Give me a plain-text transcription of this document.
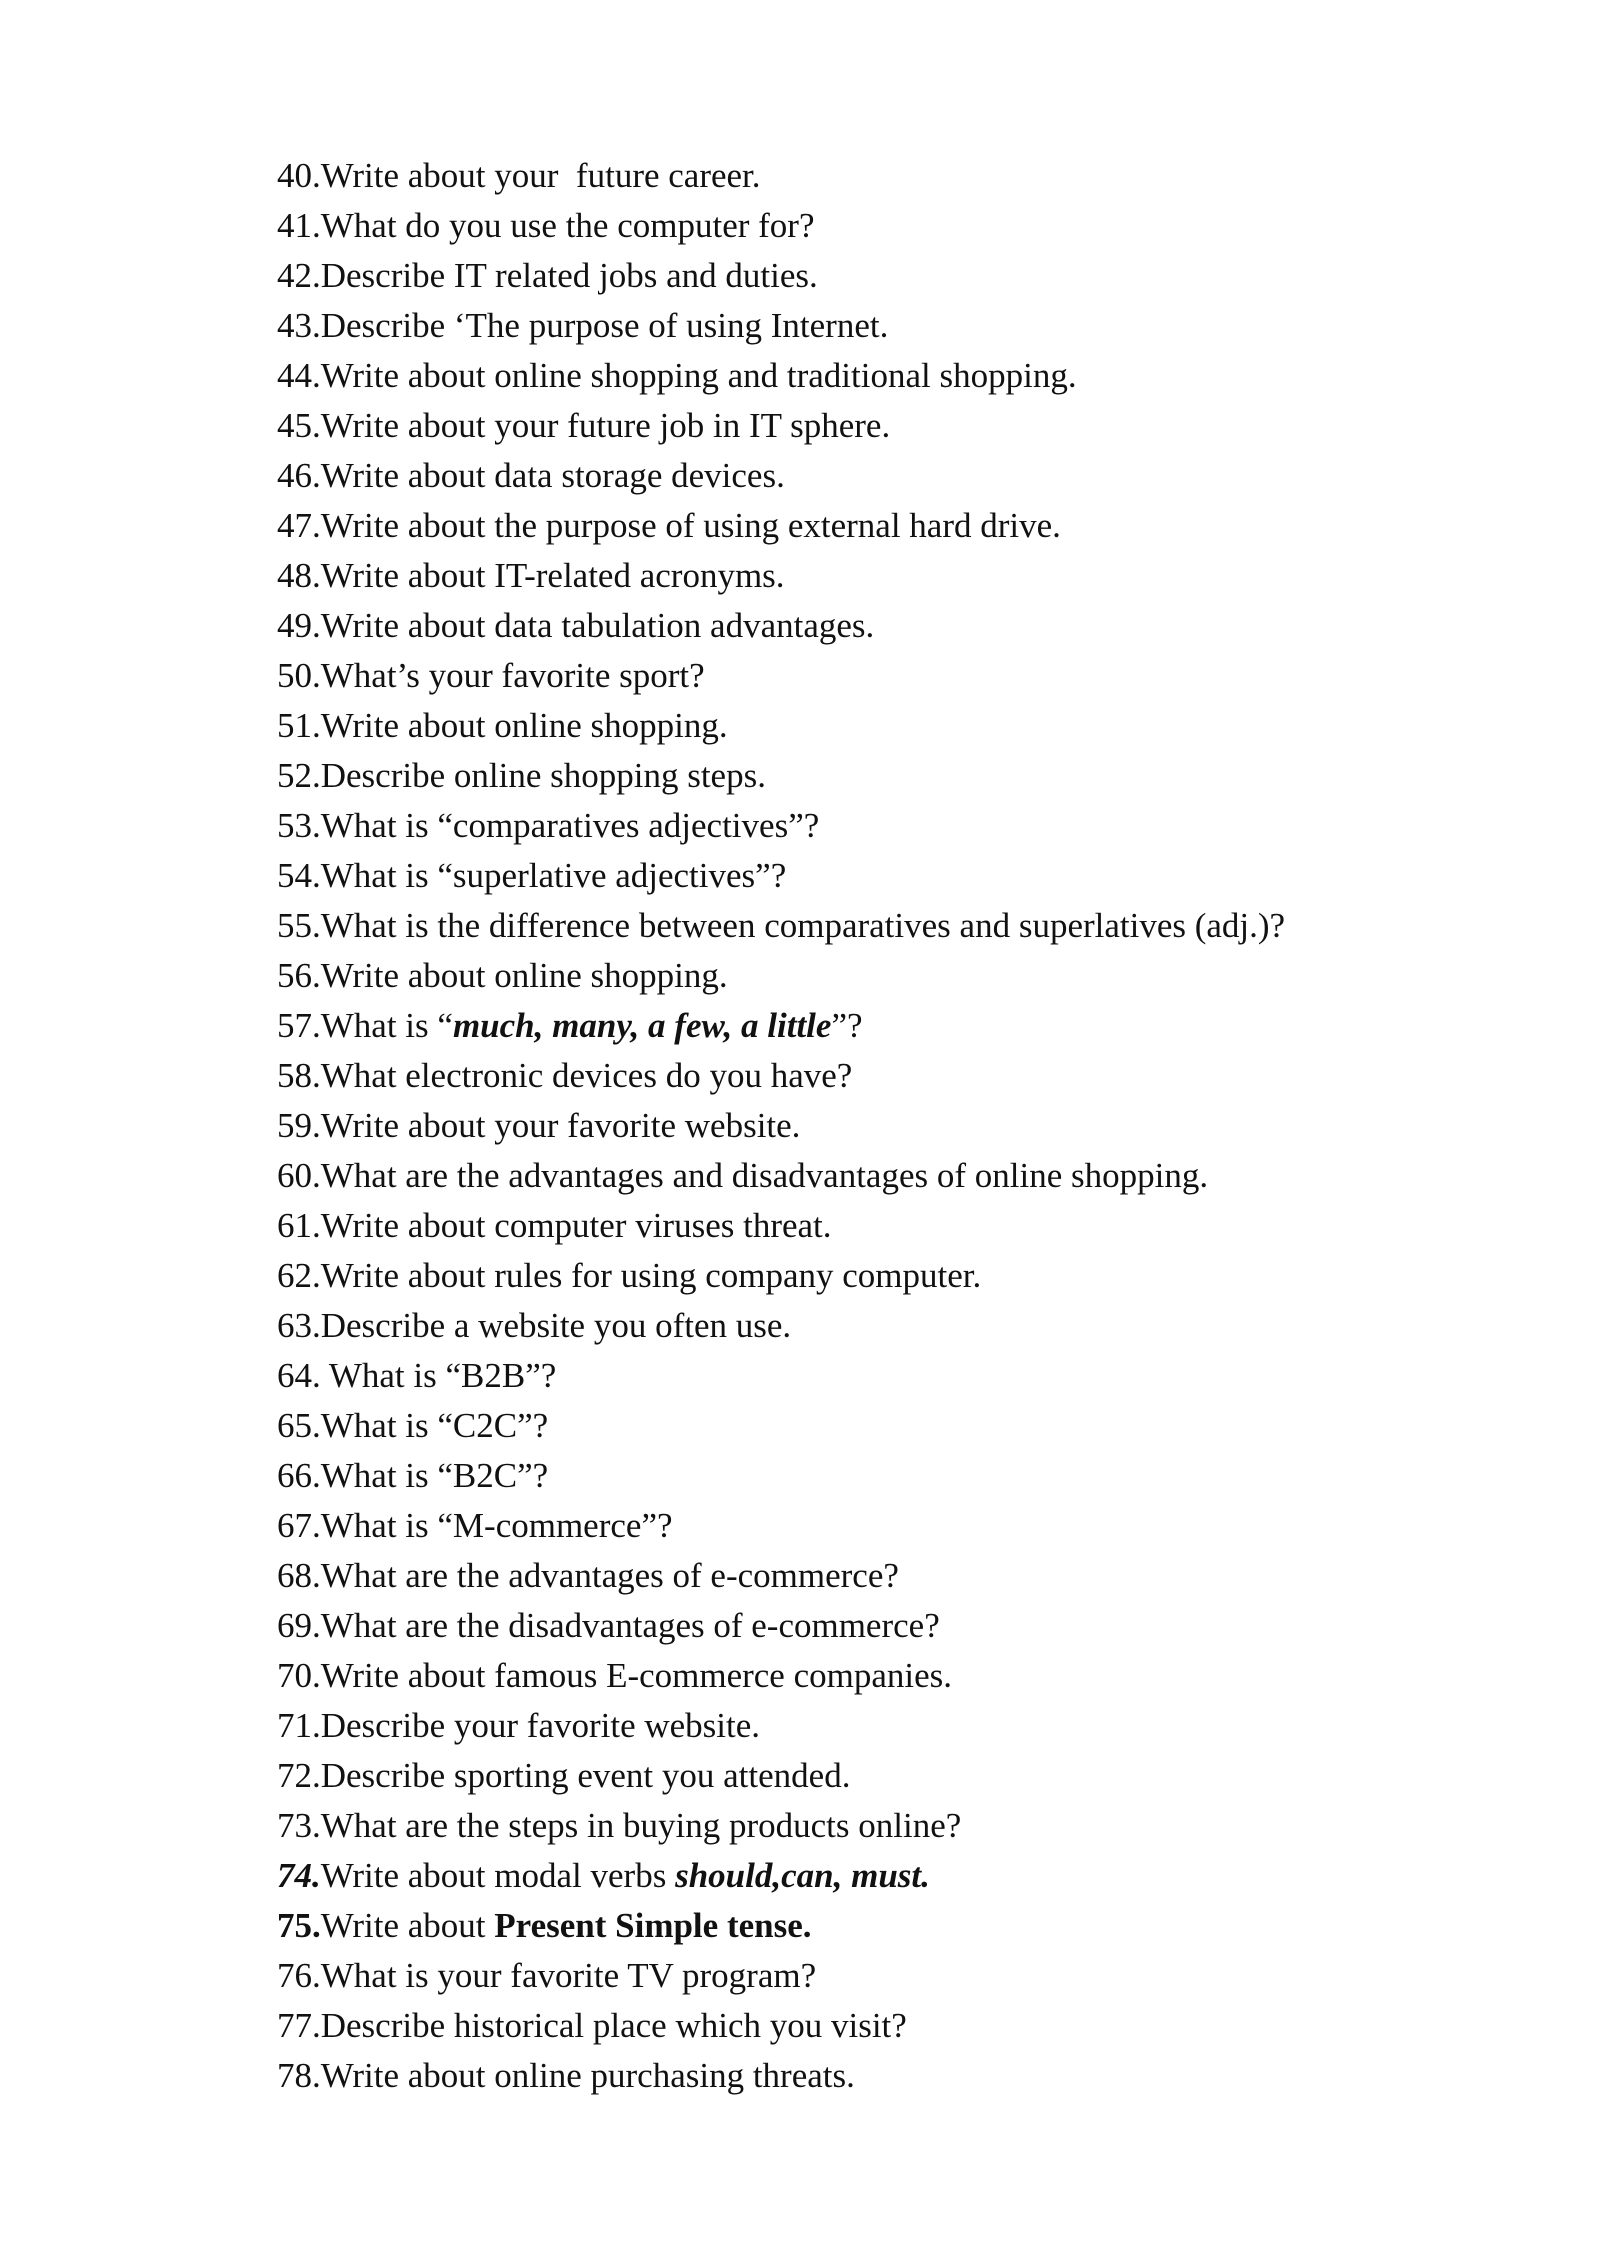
40.Write about your  future career.
41.What do you use the computer for?
42.Describe IT related jobs and duties.
43.Describe ‘The purpose of using Internet.
44.Write about online shopping and traditional shopping.
45.Write about your future job in IT sphere.
46.Write about data storage devices.
47.Write about the purpose of using external hard drive.
48.Write about IT-related acronyms.
49.Write about data tabulation advantages.
50.What’s your favorite sport?
51.Write about online shopping.
52.Describe online shopping steps.
53.What is “comparatives adjectives”?
54.What is “superlative adjectives”?
55.What is the difference between comparatives and superlatives (adj.)?
56.Write about online shopping.
57.What is “much, many, a few, a little”?
58.What electronic devices do you have?
59.Write about your favorite website.
60.What are the advantages and disadvantages of online shopping.
61.Write about computer viruses threat.
62.Write about rules for using company computer.
63.Describe a website you often use.
64. What is “B2B”?
65.What is “C2C”?
66.What is “B2C”?
67.What is “M-commerce”?
68.What are the advantages of e-commerce?
69.What are the disadvantages of e-commerce?
70.Write about famous E-commerce companies.
71.Describe your favorite website.
72.Describe sporting event you attended.
73.What are the steps in buying products online?
74.Write about modal verbs should,can, must.
75.Write about Present Simple tense.
76.What is your favorite TV program?
77.Describe historical place which you visit?
78.Write about online purchasing threats.
